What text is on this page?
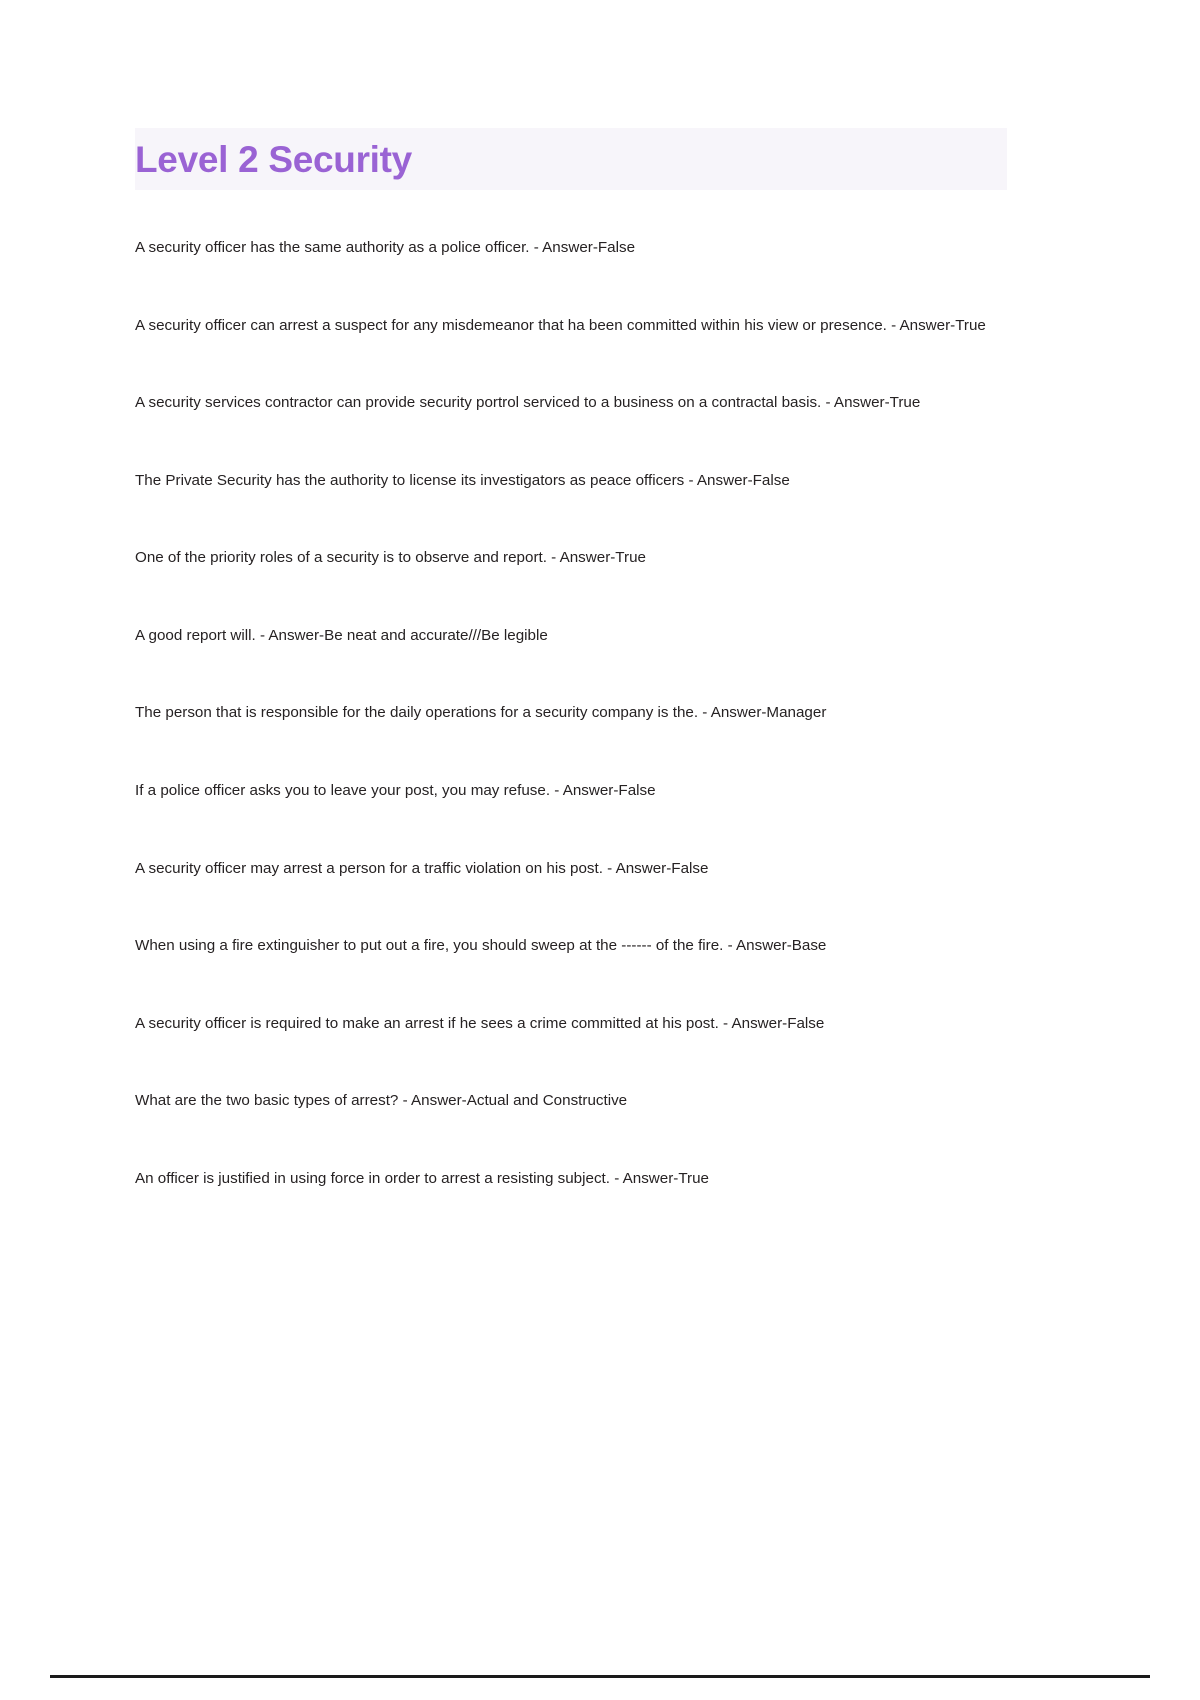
Level 2 Security

A security officer has the same authority as a police officer. - Answer-False

A security officer can arrest a suspect for any misdemeanor that ha been committed within his view or presence. - Answer-True

A security services contractor can provide security portrol serviced to a business on a contractal basis. - Answer-True

The Private Security has the authority to license its investigators as peace officers - Answer-False

One of the priority roles of a security is to observe and report. - Answer-True

A good report will. - Answer-Be neat and accurate///Be legible

The person that is responsible for the daily operations for a security company is the. - Answer-Manager

If a police officer asks you to leave your post, you may refuse. - Answer-False

A security officer may arrest a person for a traffic violation on his post. - Answer-False

When using a fire extinguisher to put out a fire, you should sweep at the ------ of the fire. - Answer-Base

A security officer is required to make an arrest if he sees a crime committed at his post. - Answer-False

What are the two basic types of arrest? - Answer-Actual and Constructive

An officer is justified in using force in order to arrest a resisting subject. - Answer-True
